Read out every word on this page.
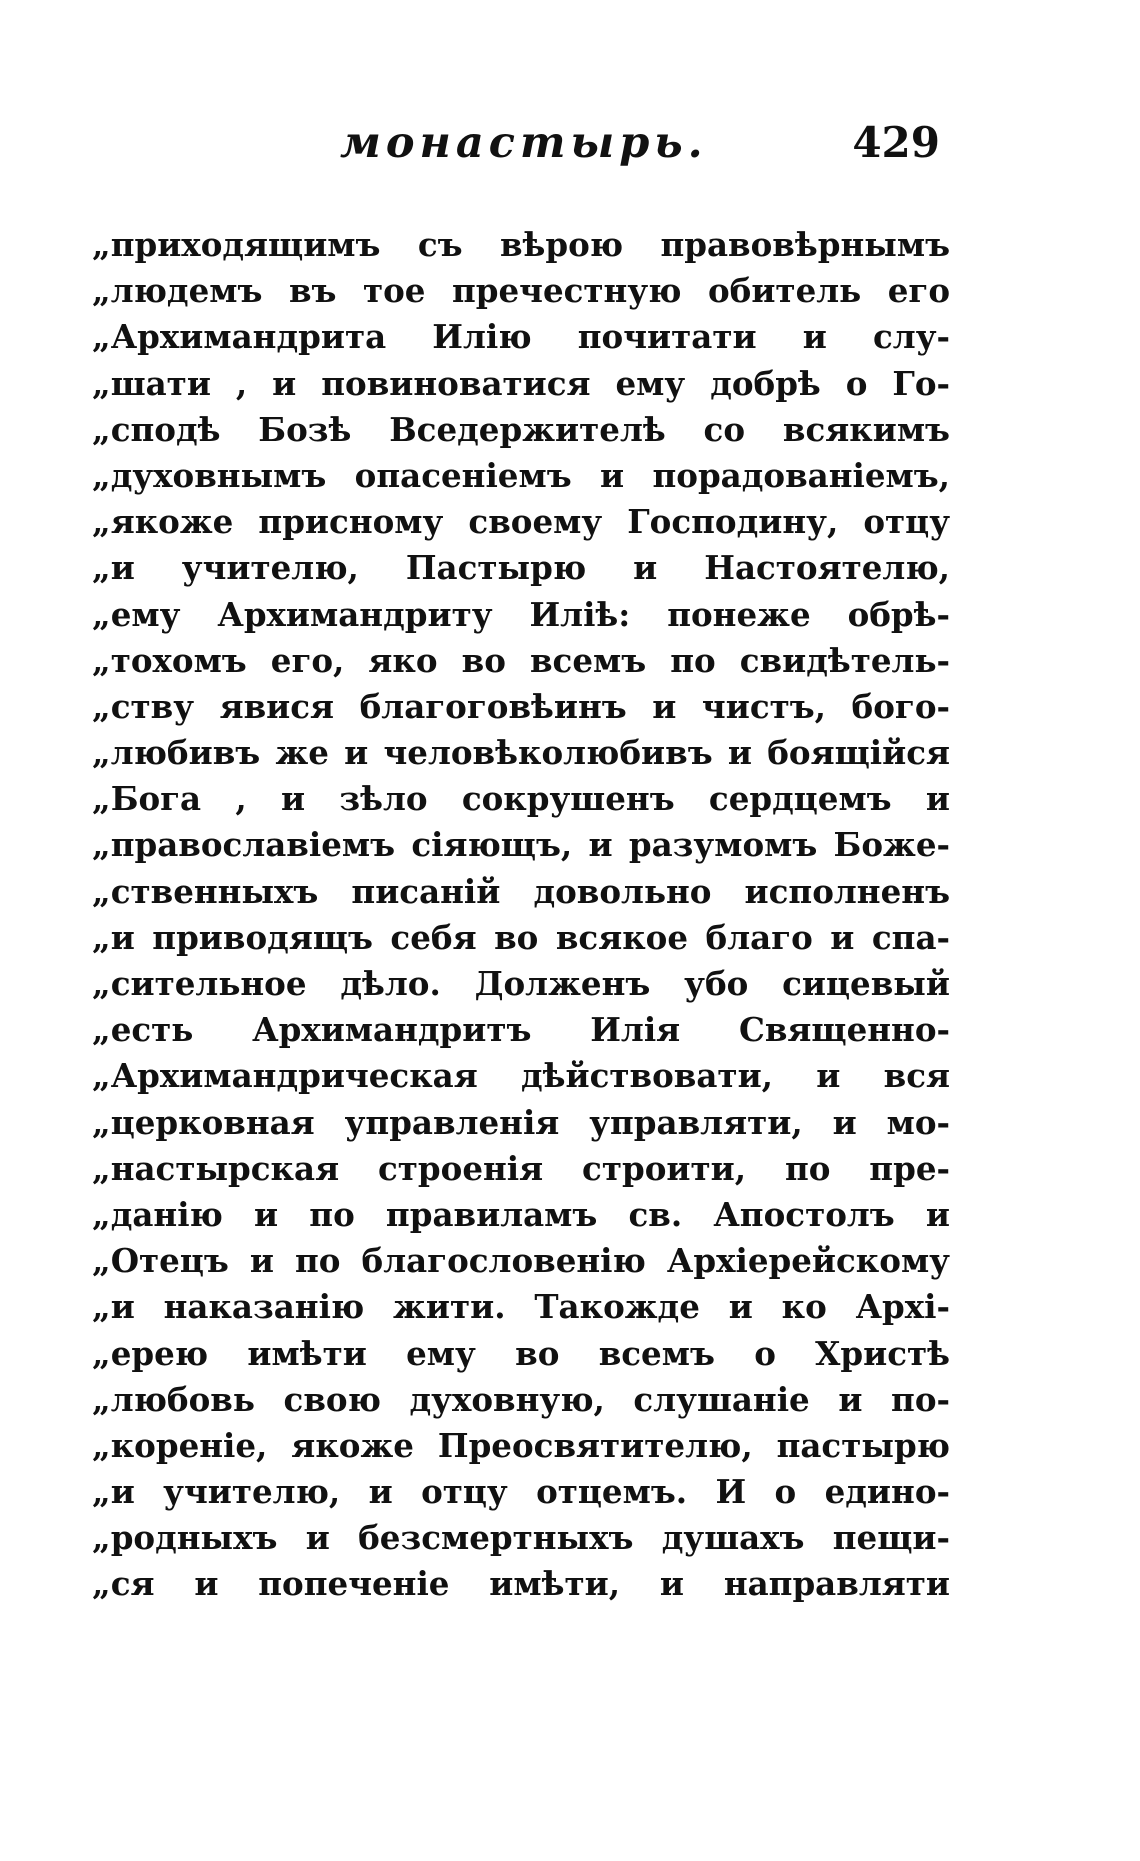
монастырь.	429
„приходящимъ съ вѣрою правовѣрнымъ
„людемъ въ тое пречестную обитель его
„Архимандрита Илію почитати и слу-
„шати , и повиноватися ему добрѣ о Го-
„сподѣ Бозѣ Вседержителѣ со всякимъ
„духовнымъ опасеніемъ и порадованіемъ,
„якоже присному своему Господину, отцу
„и учителю, Пастырю и Настоятелю,
„ему Архимандриту Иліѣ: понеже обрѣ-
„тохомъ его, яко во всемъ по свидѣтель-
„ству явися благоговѣинъ и чистъ, бого-
„любивъ же и человѣколюбивъ и боящійся
„Бога , и зѣло сокрушенъ сердцемъ и
„православіемъ сіяющъ, и разумомъ Боже-
„ственныхъ писаній довольно исполненъ
„и приводящъ себя во всякое благо и спа-
„сительное дѣло. Долженъ убо сицевый
„есть Архимандритъ Илія Священно-
„Архимандрическая дѣйствовати, и вся
„церковная управленія управляти, и мо-
„настырская строенія строити, по пре-
„данію и по правиламъ св. Апостолъ и
„Отецъ и по благословенію Архіерейскому
„и наказанію жити. Такожде и ко Архі-
„ерею имѣти ему во всемъ о Христѣ
„любовь свою духовную, слушаніе и по-
„кореніе, якоже Преосвятителю, пастырю
„и учителю, и отцу отцемъ. И о едино-
„родныхъ и безсмертныхъ душахъ пещи-
„ся и попеченіе имѣти, и направляти
